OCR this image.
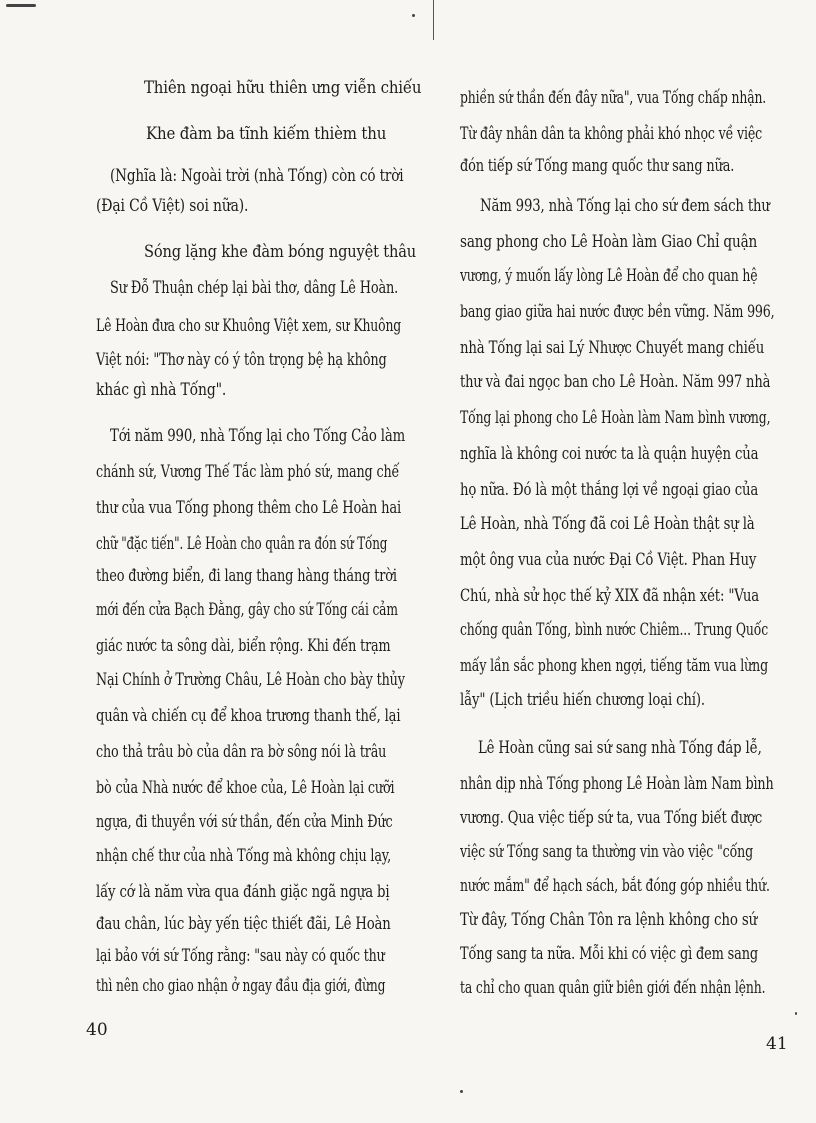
Thiên ngoại hữu thiên ưng viễn chiếu
Khe đàm ba tĩnh kiếm thièm thu
(Nghĩa là: Ngoài trời (nhà Tống) còn có trời
(Đại Cồ Việt) soi nữa).
Sóng lặng khe đàm bóng nguyệt thâu
Sư Đỗ Thuận chép lại bài thơ, dâng Lê Hoàn.
Lê Hoàn đưa cho sư Khuông Việt xem, sư Khuông
Việt nói: "Thơ này có ý tôn trọng bệ hạ không
khác gì nhà Tống".
Tới năm 990, nhà Tống lại cho Tống Cảo làm
chánh sứ, Vương Thế Tắc làm phó sứ, mang chế
thư của vua Tống phong thêm cho Lê Hoàn hai
chữ "đặc tiến". Lê Hoàn cho quân ra đón sứ Tống
theo đường biển, đi lang thang hàng tháng trời
mới đến cửa Bạch Đằng, gây cho sứ Tống cái cảm
giác nước ta sông dài, biển rộng. Khi đến trạm
Nại Chính ở Trường Châu, Lê Hoàn cho bày thủy
quân và chiến cụ để khoa trương thanh thế, lại
cho thả trâu bò của dân ra bờ sông nói là trâu
bò của Nhà nước để khoe của, Lê Hoàn lại cưỡi
ngựa, đi thuyền với sứ thần, đến cửa Minh Đức
nhận chế thư của nhà Tống mà không chịu lạy,
lấy cớ là năm vừa qua đánh giặc ngã ngựa bị
đau chân, lúc bày yến tiệc thiết đãi, Lê Hoàn
lại bảo với sứ Tống rằng: "sau này có quốc thư
thì nên cho giao nhận ở ngay đầu địa giới, đừng
40
phiền sứ thần đến đây nữa", vua Tống chấp nhận.
Từ đây nhân dân ta không phải khó nhọc về việc
đón tiếp sứ Tống mang quốc thư sang nữa.
Năm 993, nhà Tống lại cho sứ đem sách thư
sang phong cho Lê Hoàn làm Giao Chỉ quận
vương, ý muốn lấy lòng Lê Hoàn để cho quan hệ
bang giao giữa hai nước được bền vững. Năm 996,
nhà Tống lại sai Lý Nhược Chuyết mang chiếu
thư và đai ngọc ban cho Lê Hoàn. Năm 997 nhà
Tống lại phong cho Lê Hoàn làm Nam bình vương,
nghĩa là không coi nước ta là quận huyện của
họ nữa. Đó là một thắng lợi về ngoại giao của
Lê Hoàn, nhà Tống đã coi Lê Hoàn thật sự là
một ông vua của nước Đại Cồ Việt. Phan Huy
Chú, nhà sử học thế kỷ XIX đã nhận xét: "Vua
chống quân Tống, bình nước Chiêm... Trung Quốc
mấy lần sắc phong khen ngợi, tiếng tăm vua lừng
lẫy" (Lịch triều hiến chương loại chí).
Lê Hoàn cũng sai sứ sang nhà Tống đáp lễ,
nhân dịp nhà Tống phong Lê Hoàn làm Nam bình
vương. Qua việc tiếp sứ ta, vua Tống biết được
việc sứ Tống sang ta thường vin vào việc "cống
nước mắm" để hạch sách, bắt đóng góp nhiều thứ.
Từ đây, Tống Chân Tôn ra lệnh không cho sứ
Tống sang ta nữa. Mỗi khi có việc gì đem sang
ta chỉ cho quan quân giữ biên giới đến nhận lệnh.
41
